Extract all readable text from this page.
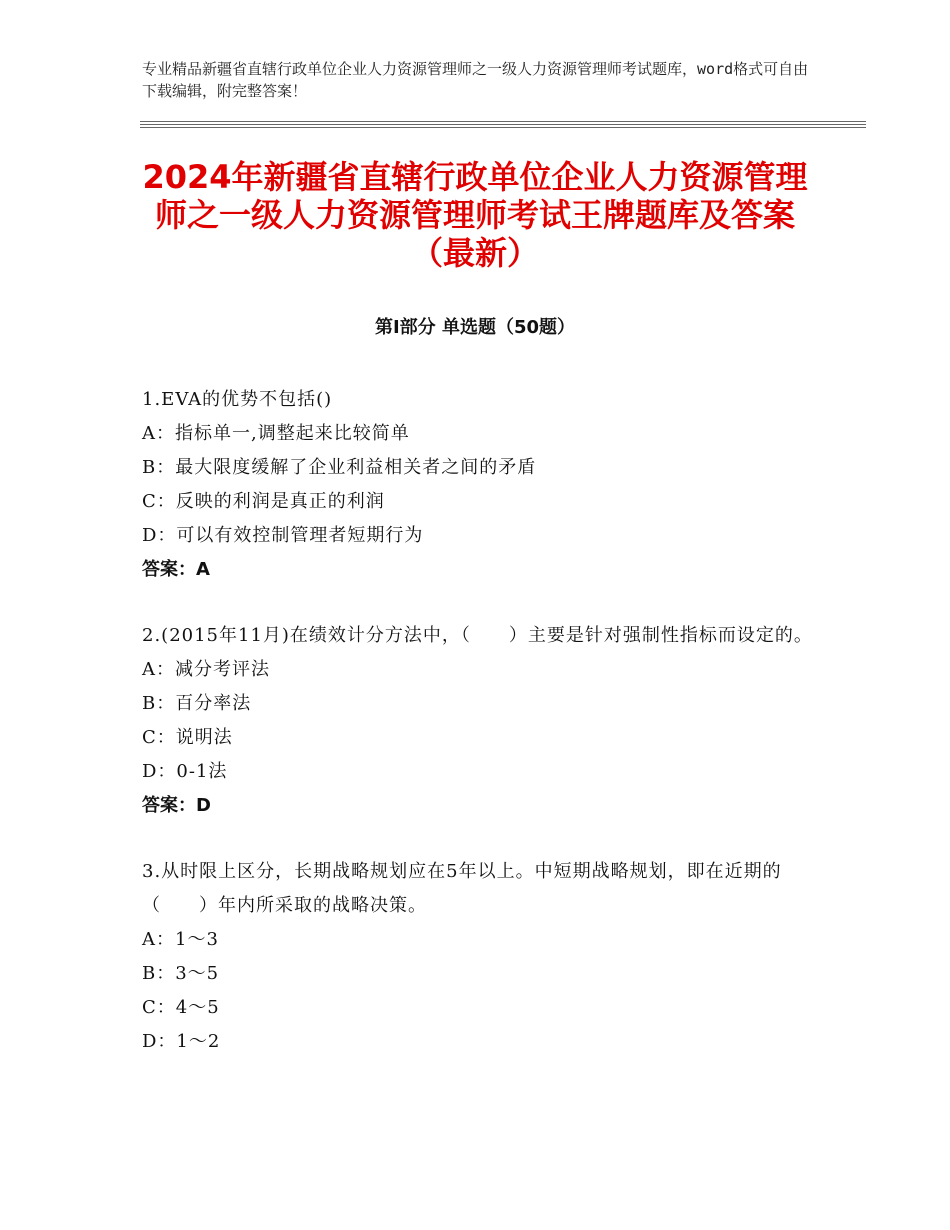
专业精品新疆省直辖行政单位企业人力资源管理师之一级人力资源管理师考试题库，word格式可自由下载编辑，附完整答案！
2024年新疆省直辖行政单位企业人力资源管理师之一级人力资源管理师考试王牌题库及答案（最新）
第Ⅰ部分 单选题（50题）
1.EVA的优势不包括()
A：指标单一,调整起来比较简单
B：最大限度缓解了企业利益相关者之间的矛盾
C：反映的利润是真正的利润
D：可以有效控制管理者短期行为
答案：A
2.(2015年11月)在绩效计分方法中，（　　）主要是针对强制性指标而设定的。
A：减分考评法
B：百分率法
C：说明法
D：0-1法
答案：D
3.从时限上区分，长期战略规划应在5年以上。中短期战略规划，即在近期的（　　）年内所采取的战略决策。
A：1～3
B：3～5
C：4～5
D：1～2
